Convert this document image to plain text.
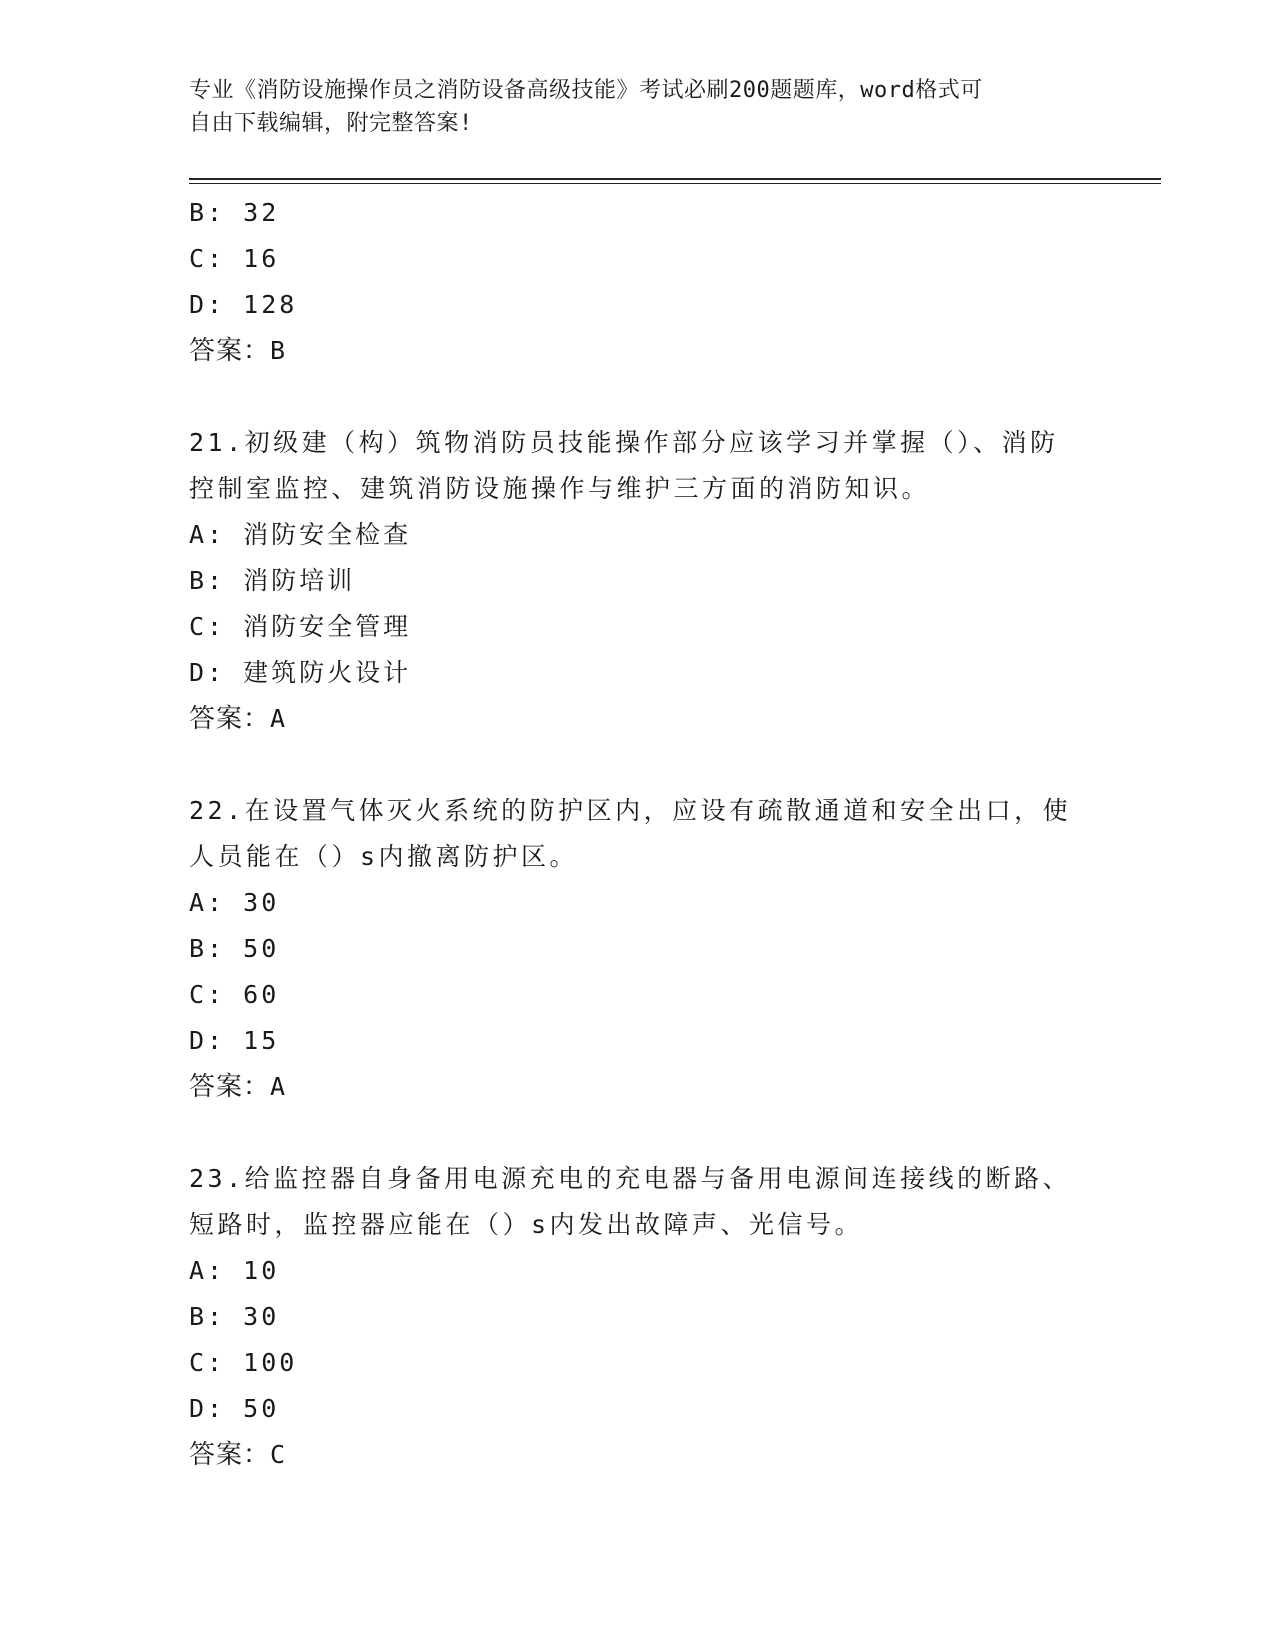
专业《消防设施操作员之消防设备高级技能》考试必刷200题题库，word格式可
自由下载编辑，附完整答案!
B: 32
C: 16
D: 128
答案：B
21.初级建（构）筑物消防员技能操作部分应该学习并掌握（）、消防
控制室监控、建筑消防设施操作与维护三方面的消防知识。
A: 消防安全检查
B: 消防培训
C: 消防安全管理
D: 建筑防火设计
答案：A
22.在设置气体灭火系统的防护区内，应设有疏散通道和安全出口，使
人员能在（）s内撤离防护区。
A: 30
B: 50
C: 60
D: 15
答案：A
23.给监控器自身备用电源充电的充电器与备用电源间连接线的断路、
短路时，监控器应能在（）s内发出故障声、光信号。
A: 10
B: 30
C: 100
D: 50
答案：C
